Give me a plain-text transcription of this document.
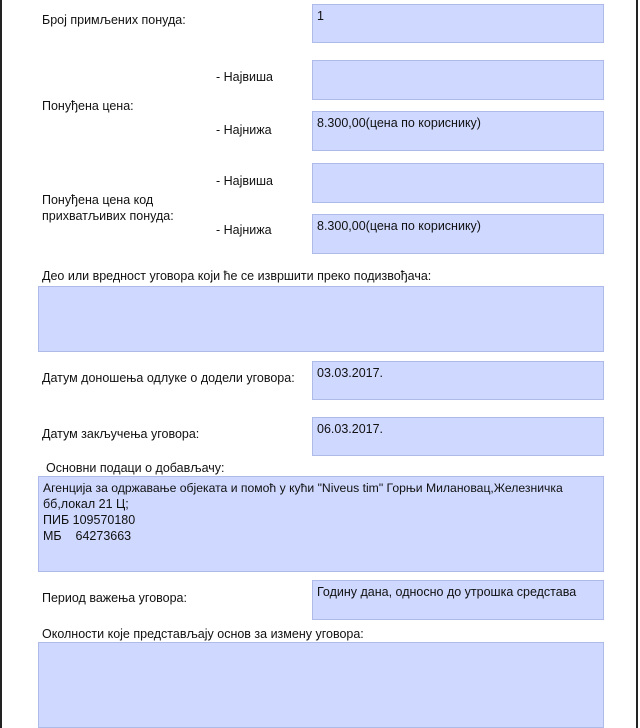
Број примљених понуда:	1
- Највиша
Понуђена цена:
- Најнижа	8.300,00(цена по кориснику)
- Највиша
Понуђена цена код
прихватљивих понуда:
- Најнижа	8.300,00(цена по кориснику)
Део или вредност уговора који ће се извршити преко подизвођача:
Датум доношења одлуке о додели уговора:	03.03.2017.
Датум закључења уговора:	06.03.2017.
Основни подаци о добављачу:
Агенција за одржавање објеката и помоћ у кући "Niveus tim" Горњи Милановац,Железничка
бб,локал 21 Ц;
ПИБ 109570180
МБ    64273663
Период важења уговора:	Годину дана, односно до утрошка средстава
Околности које представљају основ за измену уговора:
